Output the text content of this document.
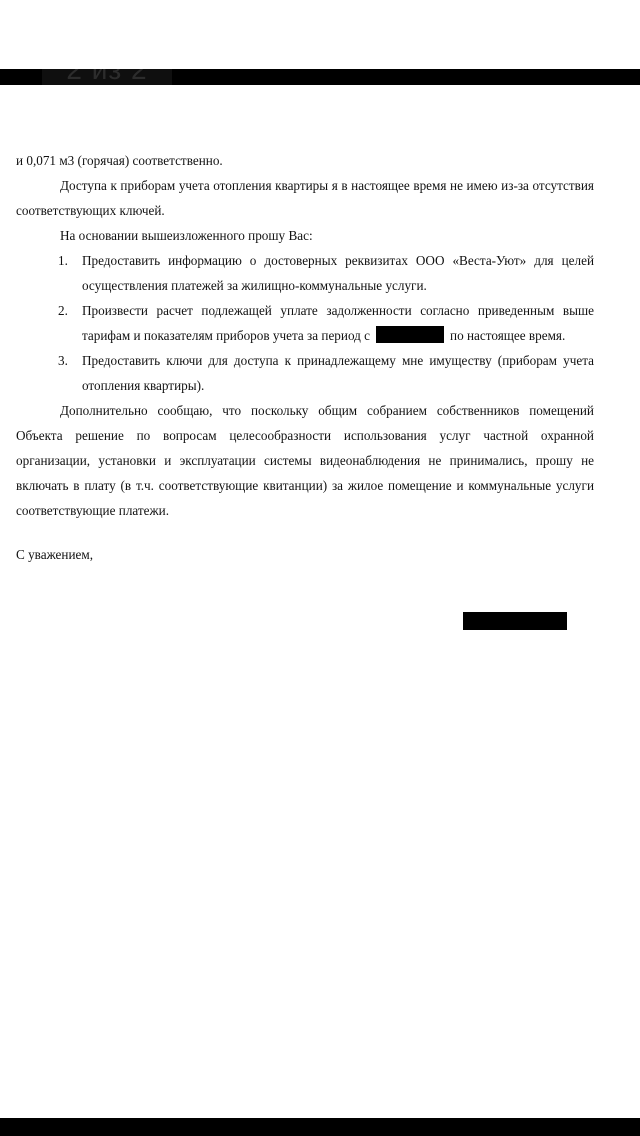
2 из 2

и 0,071 м3 (горячая) соответственно.

Доступа к приборам учета отопления квартиры я в настоящее время не имею из-за отсутствия соответствующих ключей.

На основании вышеизложенного прошу Вас:

1. Предоставить информацию о достоверных реквизитах ООО «Веста-Уют» для целей осуществления платежей за жилищно-коммунальные услуги.
2. Произвести расчет подлежащей уплате задолженности согласно приведенным выше тарифам и показателям приборов учета за период с	по настоящее время.
3. Предоставить ключи для доступа к принадлежащему мне имуществу (приборам учета отопления квартиры).

Дополнительно сообщаю, что поскольку общим собранием собственников помещений Объекта решение по вопросам целесообразности использования услуг частной охранной организации, установки и эксплуатации системы видеонаблюдения не принимались, прошу не включать в плату (в т.ч. соответствующие квитанции) за жилое помещение и коммунальные услуги соответствующие платежи.

С уважением,
